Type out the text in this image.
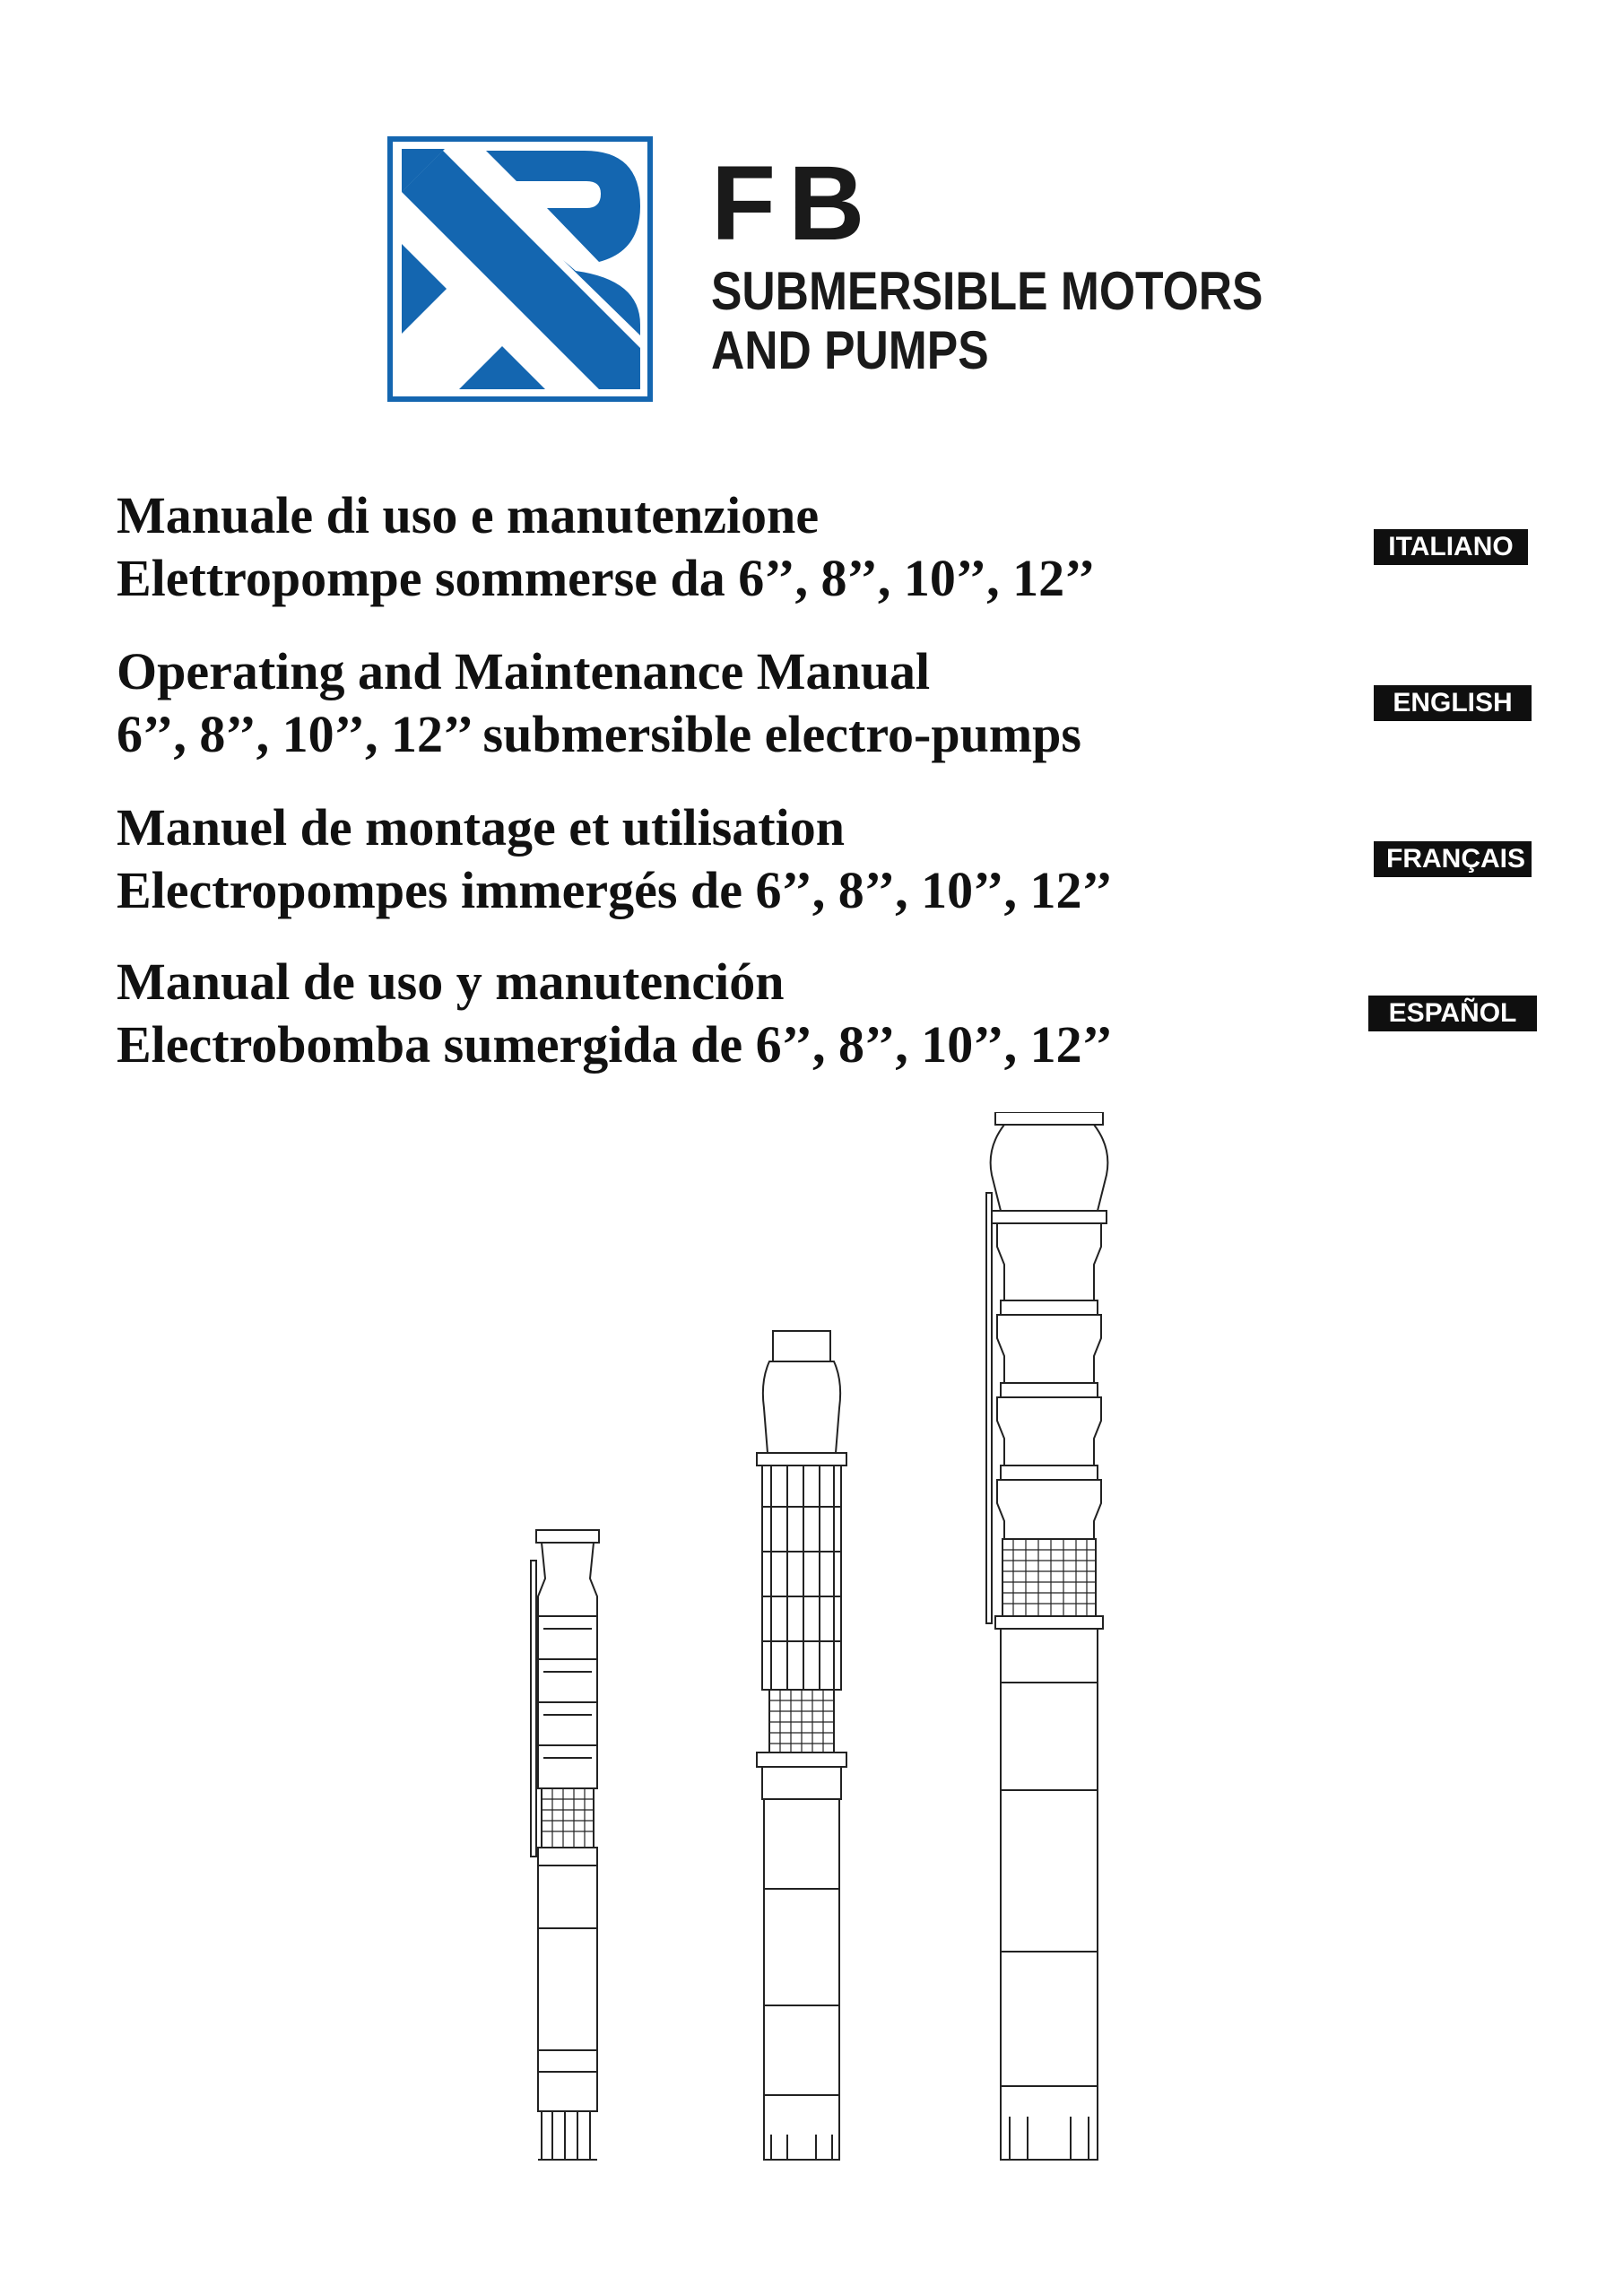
FB
SUBMERSIBLE MOTORS
AND PUMPS
Manuale di uso e manutenzione
Elettropompe sommerse da 6’’, 8’’, 10’’, 12’’
ITALIANO
Operating and Maintenance Manual
6’’, 8’’, 10’’, 12’’ submersible electro-pumps
ENGLISH
Manuel de montage et utilisation
Electropompes immergés de 6’’, 8’’, 10’’, 12’’
FRANÇAIS
Manual de uso y manutención
Electrobomba sumergida de 6’’, 8’’, 10’’, 12’’
ESPAÑOL
